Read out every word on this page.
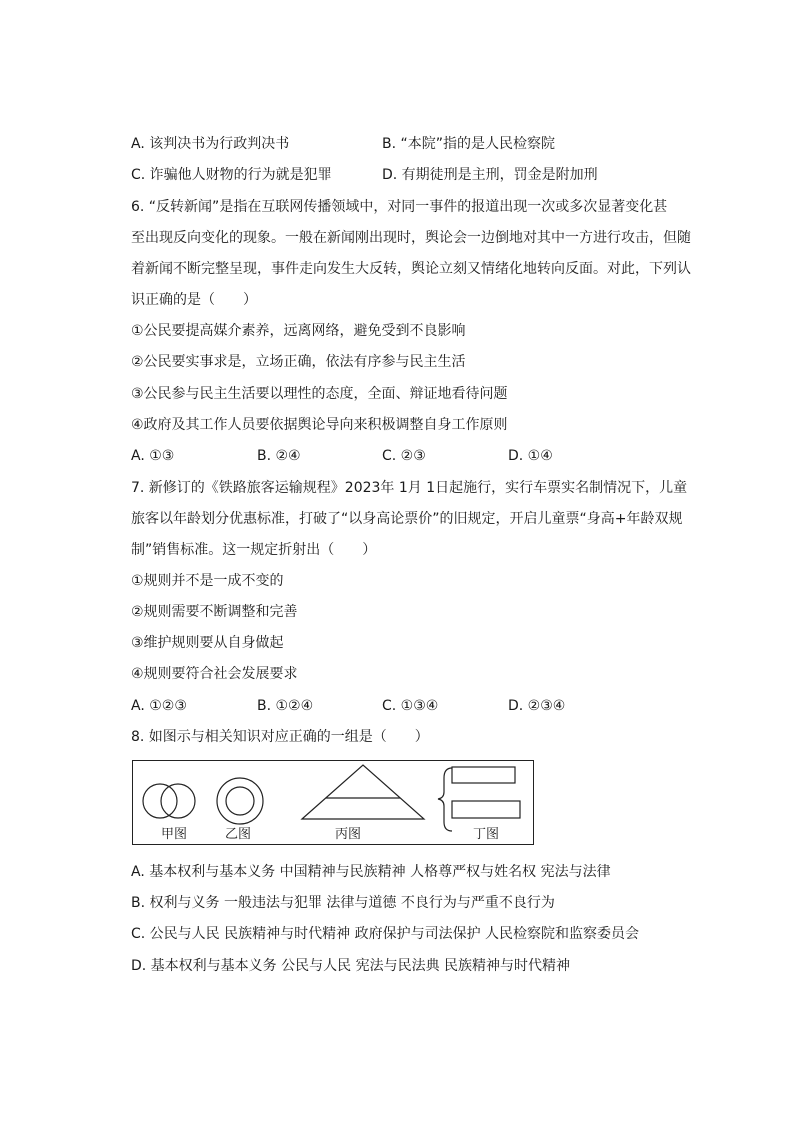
A. 该判决书为行政判决书	B. “本院”指的是人民检察院
C. 诈骗他人财物的行为就是犯罪	D. 有期徒刑是主刑，罚金是附加刑
6. “反转新闻”是指在互联网传播领域中，对同一事件的报道出现一次或多次显著变化甚
至出现反向变化的现象。一般在新闻刚出现时，舆论会一边倒地对其中一方进行攻击，但随
着新闻不断完整呈现，事件走向发生大反转，舆论立刻又情绪化地转向反面。对此，下列认
识正确的是（　　）
①公民要提高媒介素养，远离网络，避免受到不良影响
②公民要实事求是，立场正确，依法有序参与民主生活
③公民参与民主生活要以理性的态度，全面、辩证地看待问题
④政府及其工作人员要依据舆论导向来积极调整自身工作原则
A. ①③	B. ②④	C. ②③	D. ①④
7. 新修订的《铁路旅客运输规程》2023年 1月 1日起施行，实行车票实名制情况下，儿童
旅客以年龄划分优惠标准，打破了“以身高论票价”的旧规定，开启儿童票“身高+年龄双规
制”销售标准。这一规定折射出（　　）
①规则并不是一成不变的
②规则需要不断调整和完善
③维护规则要从自身做起
④规则要符合社会发展要求
A. ①②③	B. ①②④	C. ①③④	D. ②③④
8. 如图示与相关知识对应正确的一组是（　　）
甲图	乙图	丙图	丁图
A. 基本权利与基本义务 中国精神与民族精神 人格尊严权与姓名权 宪法与法律
B. 权利与义务 一般违法与犯罪 法律与道德 不良行为与严重不良行为
C. 公民与人民 民族精神与时代精神 政府保护与司法保护 人民检察院和监察委员会
D. 基本权利与基本义务 公民与人民 宪法与民法典 民族精神与时代精神
